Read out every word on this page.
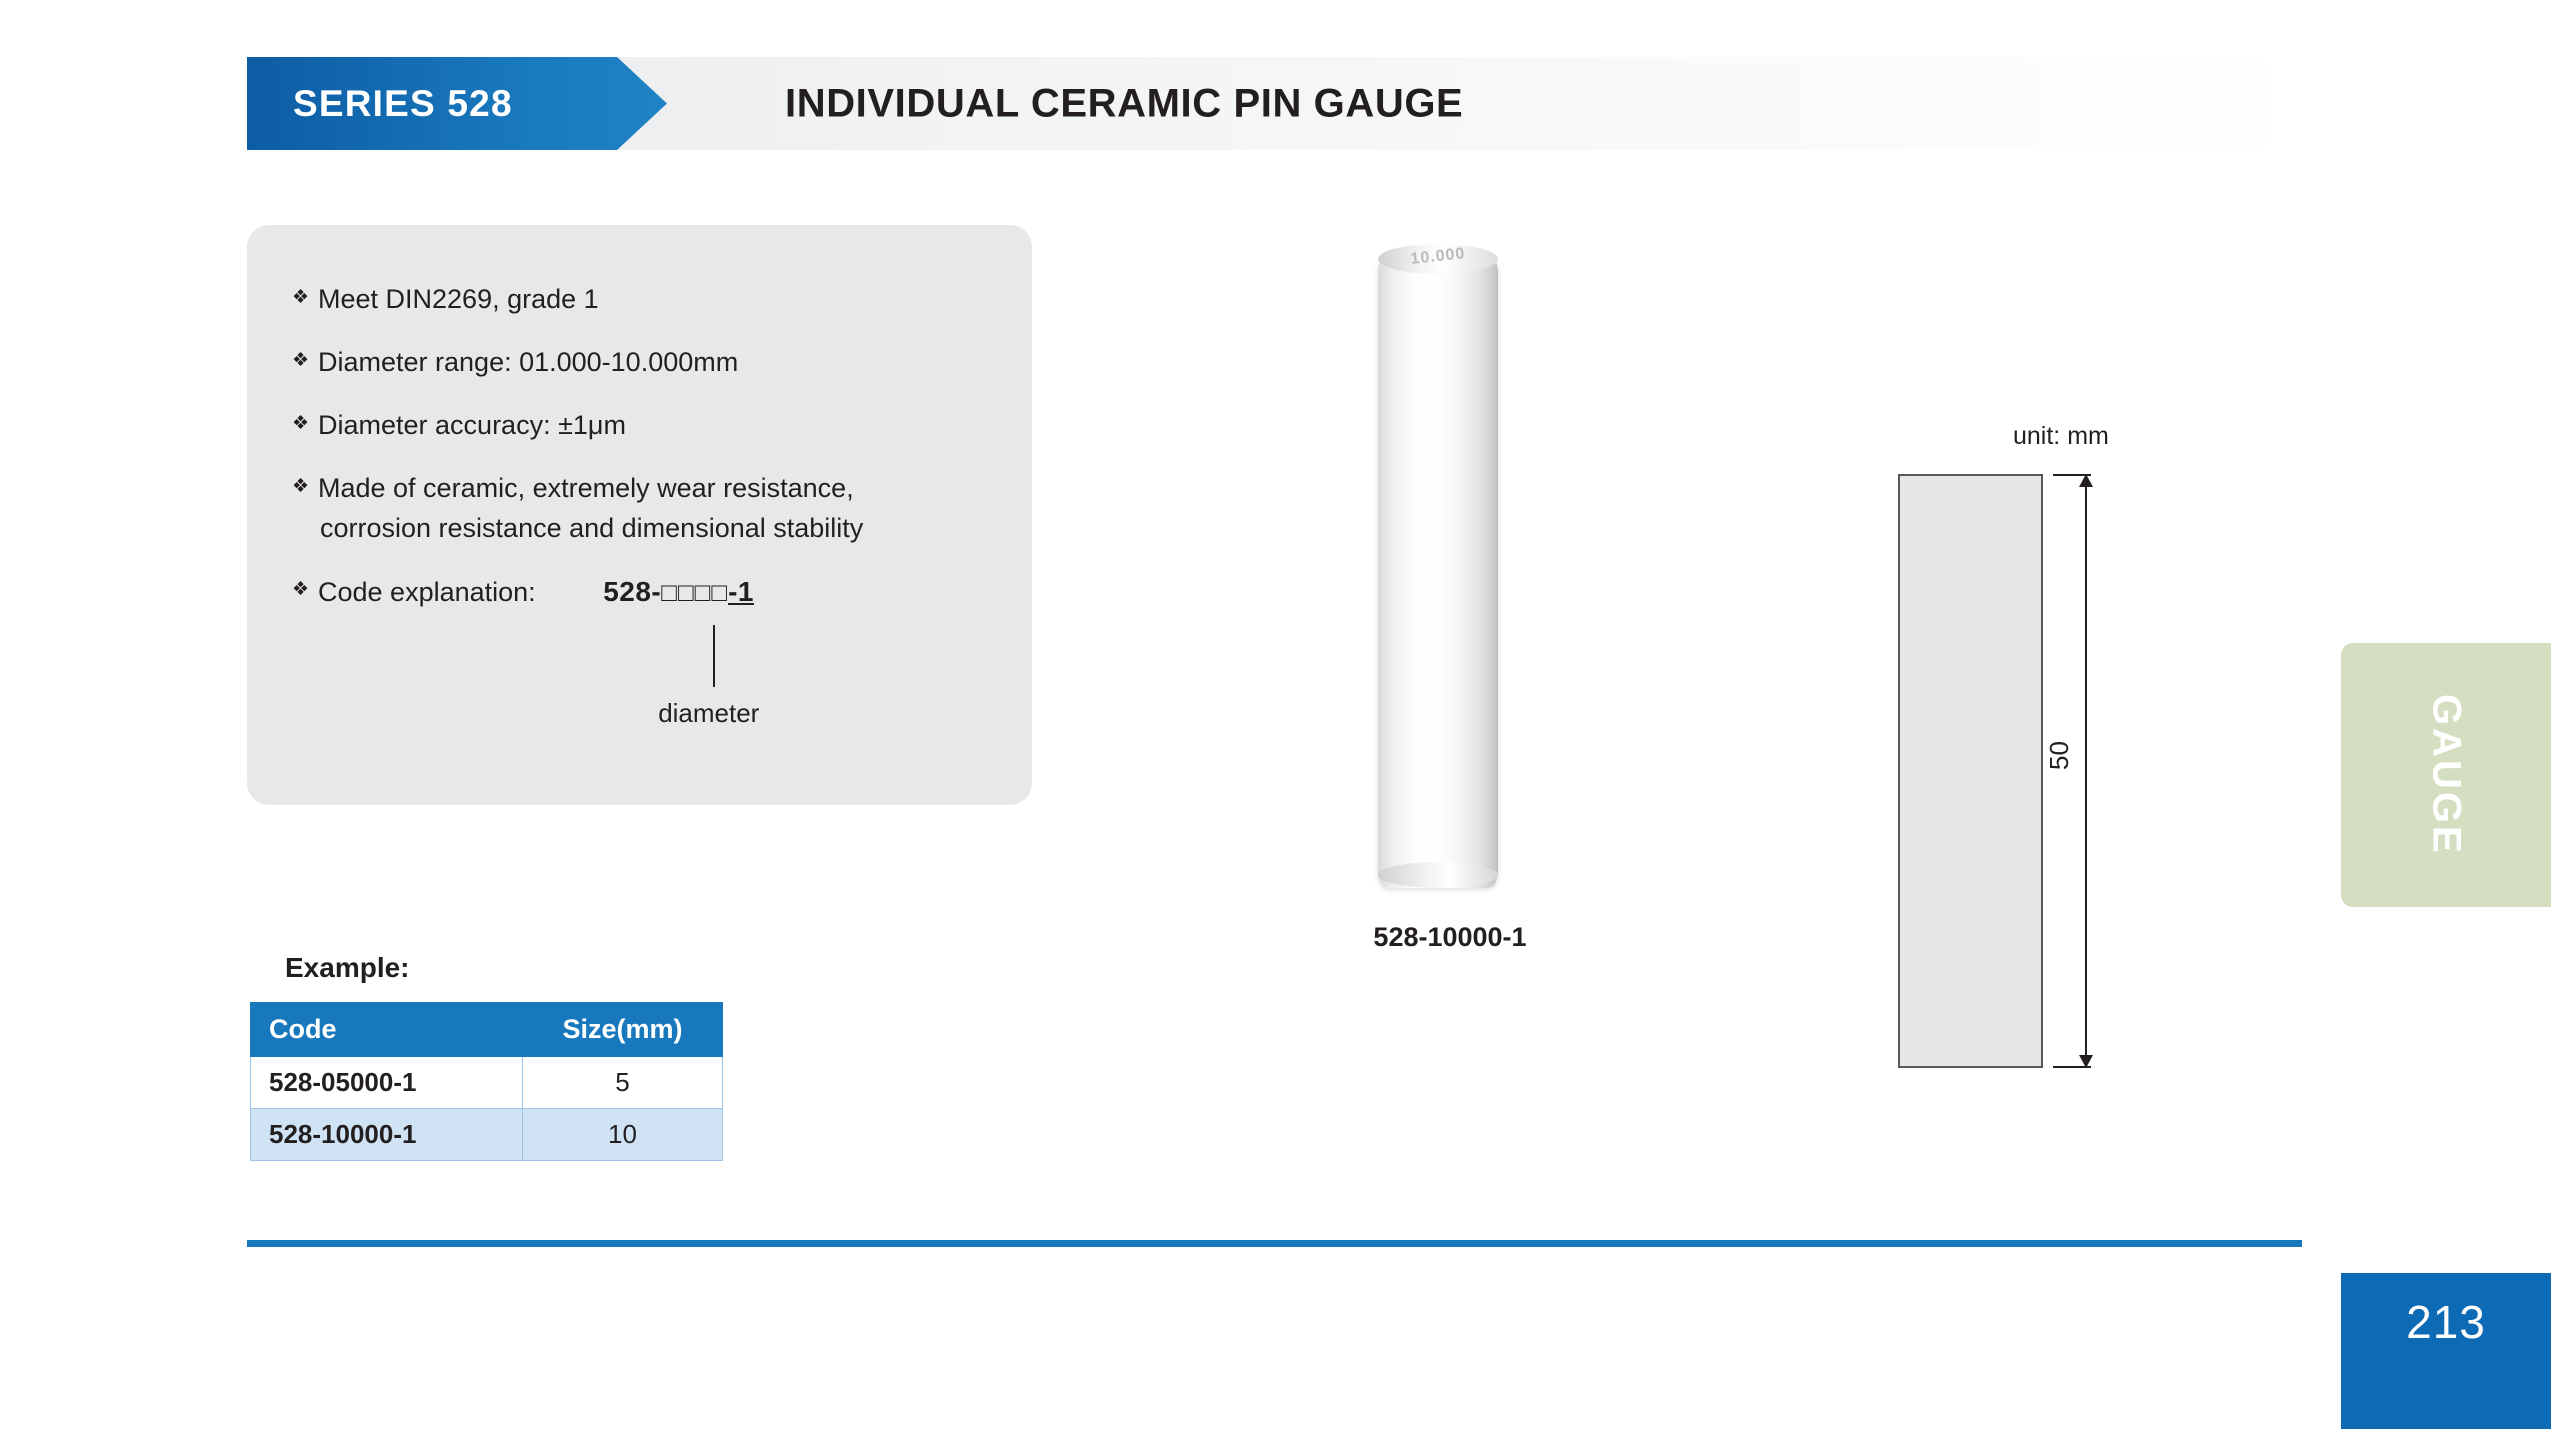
SERIES 528	INDIVIDUAL CERAMIC PIN GAUGE
❖ Meet DIN2269, grade 1
❖ Diameter range: 01.000-10.000mm
❖ Diameter accuracy: ±1μm
❖ Made of ceramic, extremely wear resistance,
corrosion resistance and dimensional stability
❖ Code explanation: 528-□□□□-1
diameter
Example:
Code	Size(mm)
528-05000-1	5
528-10000-1	10
10.000
528-10000-1
unit: mm
50	GAUGE
213
